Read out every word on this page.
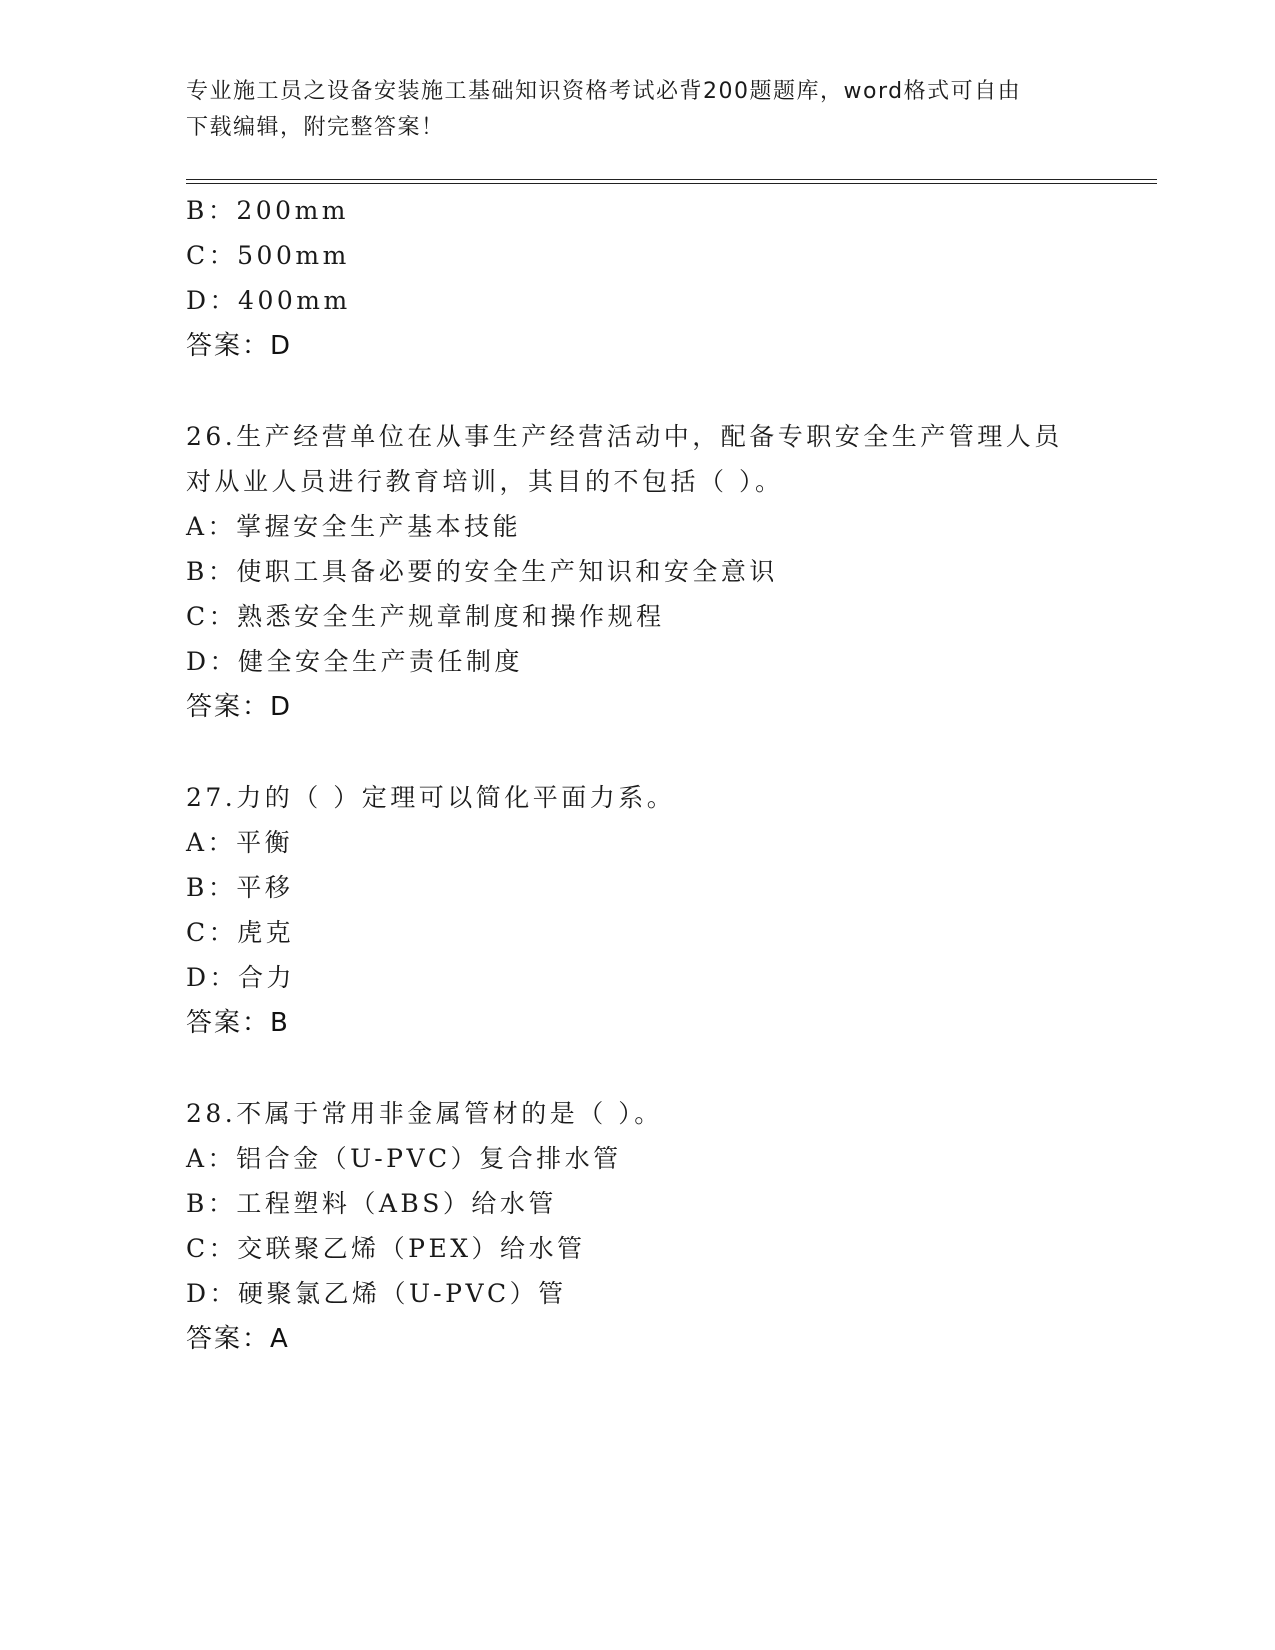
专业施工员之设备安装施工基础知识资格考试必背200题题库，word格式可自由
下载编辑，附完整答案！
B：200mm
C：500mm
D：400mm
答案：D
26.生产经营单位在从事生产经营活动中，配备专职安全生产管理人员
对从业人员进行教育培训，其目的不包括（ ）。
A：掌握安全生产基本技能
B：使职工具备必要的安全生产知识和安全意识
C：熟悉安全生产规章制度和操作规程
D：健全安全生产责任制度
答案：D
27.力的（ ）定理可以简化平面力系。
A：平衡
B：平移
C：虎克
D：合力
答案：B
28.不属于常用非金属管材的是（ ）。
A：铝合金（U-PVC）复合排水管
B：工程塑料（ABS）给水管
C：交联聚乙烯（PEX）给水管
D：硬聚氯乙烯（U-PVC）管
答案：A
